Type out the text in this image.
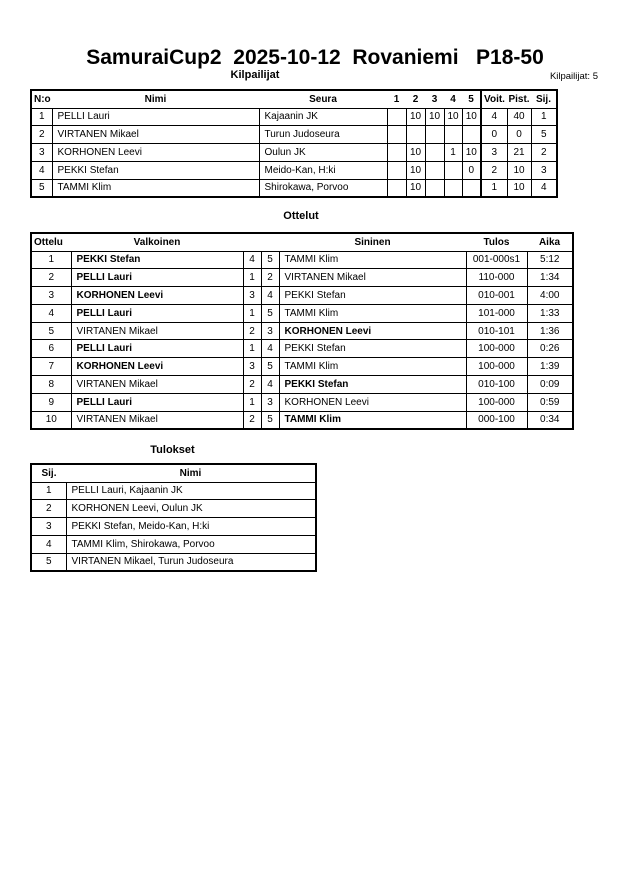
SamuraiCup2  2025-10-12  Rovaniemi   P18-50
Kilpailijat	Kilpailijat: 5
N:o	Nimi	Seura	1	2	3	4	5	Voit.	Pist.	Sij.
1	PELLI Lauri	Kajaanin JK		10	10	10	10	4	40	1
2	VIRTANEN Mikael	Turun Judoseura						0	0	5
3	KORHONEN Leevi	Oulun JK		10		1	10	3	21	2
4	PEKKI Stefan	Meido-Kan, H:ki		10			0	2	10	3
5	TAMMI Klim	Shirokawa, Porvoo		10				1	10	4
Ottelut
Ottelu	Valkoinen			Sininen	Tulos	Aika
1	PEKKI Stefan	4	5	TAMMI Klim	001-000s1	5:12
2	PELLI Lauri	1	2	VIRTANEN Mikael	110-000	1:34
3	KORHONEN Leevi	3	4	PEKKI Stefan	010-001	4:00
4	PELLI Lauri	1	5	TAMMI Klim	101-000	1:33
5	VIRTANEN Mikael	2	3	KORHONEN Leevi	010-101	1:36
6	PELLI Lauri	1	4	PEKKI Stefan	100-000	0:26
7	KORHONEN Leevi	3	5	TAMMI Klim	100-000	1:39
8	VIRTANEN Mikael	2	4	PEKKI Stefan	010-100	0:09
9	PELLI Lauri	1	3	KORHONEN Leevi	100-000	0:59
10	VIRTANEN Mikael	2	5	TAMMI Klim	000-100	0:34
Tulokset
Sij.	Nimi
1	PELLI Lauri, Kajaanin JK
2	KORHONEN Leevi, Oulun JK
3	PEKKI Stefan, Meido-Kan, H:ki
4	TAMMI Klim, Shirokawa, Porvoo
5	VIRTANEN Mikael, Turun Judoseura
